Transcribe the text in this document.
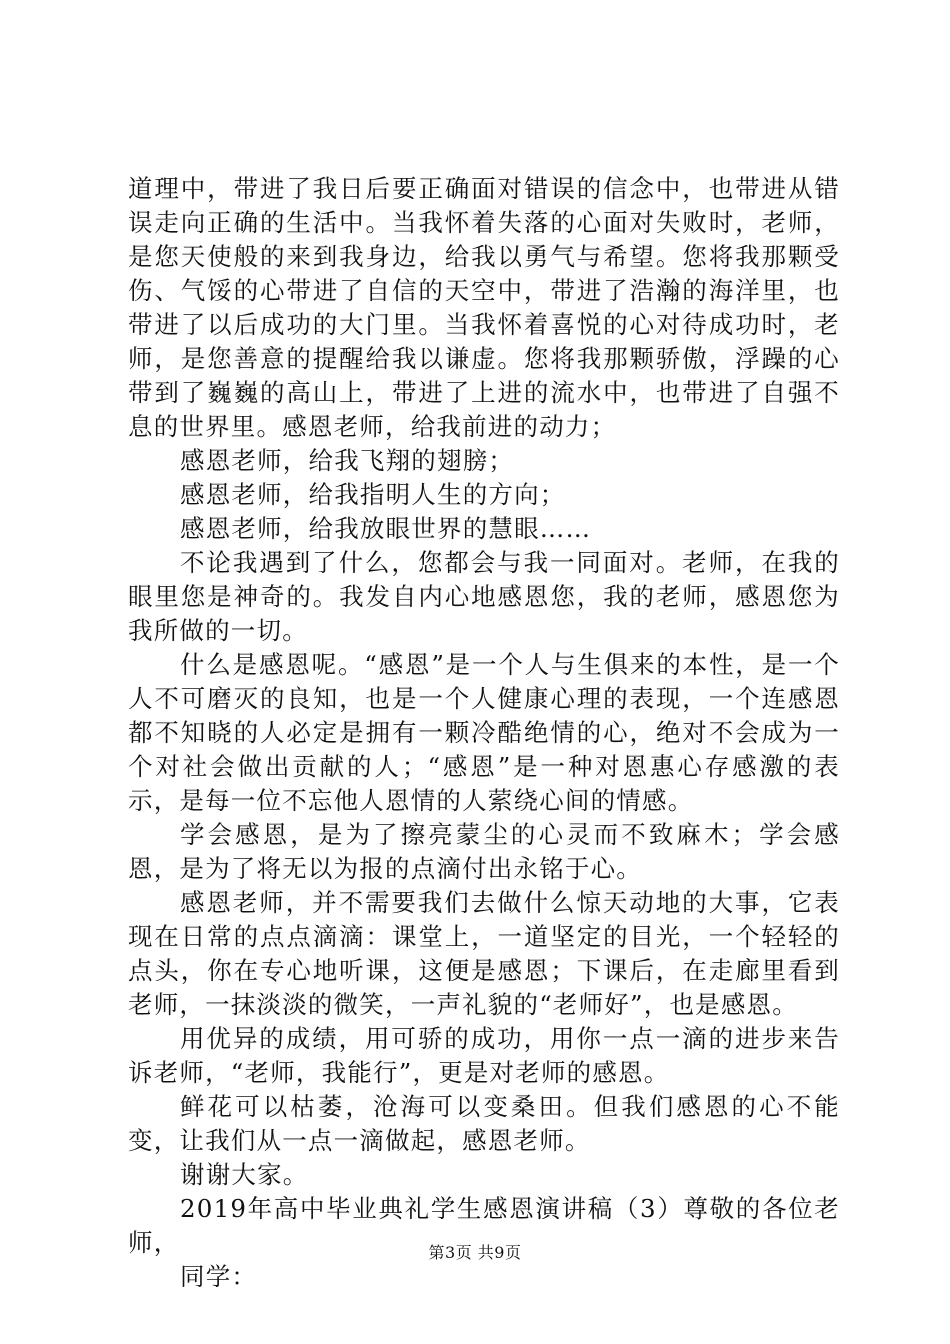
道理中，带进了我日后要正确面对错误的信念中，也带进从错误走向正确的生活中。当我怀着失落的心面对失败时，老师，是您天使般的来到我身边，给我以勇气与希望。您将我那颗受伤、气馁的心带进了自信的天空中，带进了浩瀚的海洋里，也带进了以后成功的大门里。当我怀着喜悦的心对待成功时，老师，是您善意的提醒给我以谦虚。您将我那颗骄傲，浮躁的心带到了巍巍的高山上，带进了上进的流水中，也带进了自强不息的世界里。感恩老师，给我前进的动力；

感恩老师，给我飞翔的翅膀；

感恩老师，给我指明人生的方向；

感恩老师，给我放眼世界的慧眼……

不论我遇到了什么，您都会与我一同面对。老师，在我的眼里您是神奇的。我发自内心地感恩您，我的老师，感恩您为我所做的一切。

什么是感恩呢。“感恩”是一个人与生俱来的本性，是一个人不可磨灭的良知，也是一个人健康心理的表现，一个连感恩都不知晓的人必定是拥有一颗冷酷绝情的心，绝对不会成为一个对社会做出贡献的人；“感恩”是一种对恩惠心存感激的表示，是每一位不忘他人恩情的人萦绕心间的情感。

学会感恩，是为了擦亮蒙尘的心灵而不致麻木；学会感恩，是为了将无以为报的点滴付出永铭于心。

感恩老师，并不需要我们去做什么惊天动地的大事，它表现在日常的点点滴滴：课堂上，一道坚定的目光，一个轻轻的点头，你在专心地听课，这便是感恩；下课后，在走廊里看到老师，一抹淡淡的微笑，一声礼貌的“老师好”，也是感恩。

用优异的成绩，用可骄的成功，用你一点一滴的进步来告诉老师，“老师，我能行”，更是对老师的感恩。

鲜花可以枯萎，沧海可以变桑田。但我们感恩的心不能变，让我们从一点一滴做起，感恩老师。

谢谢大家。

2019年高中毕业典礼学生感恩演讲稿（3）尊敬的各位老师，

同学：

第3页 共9页
